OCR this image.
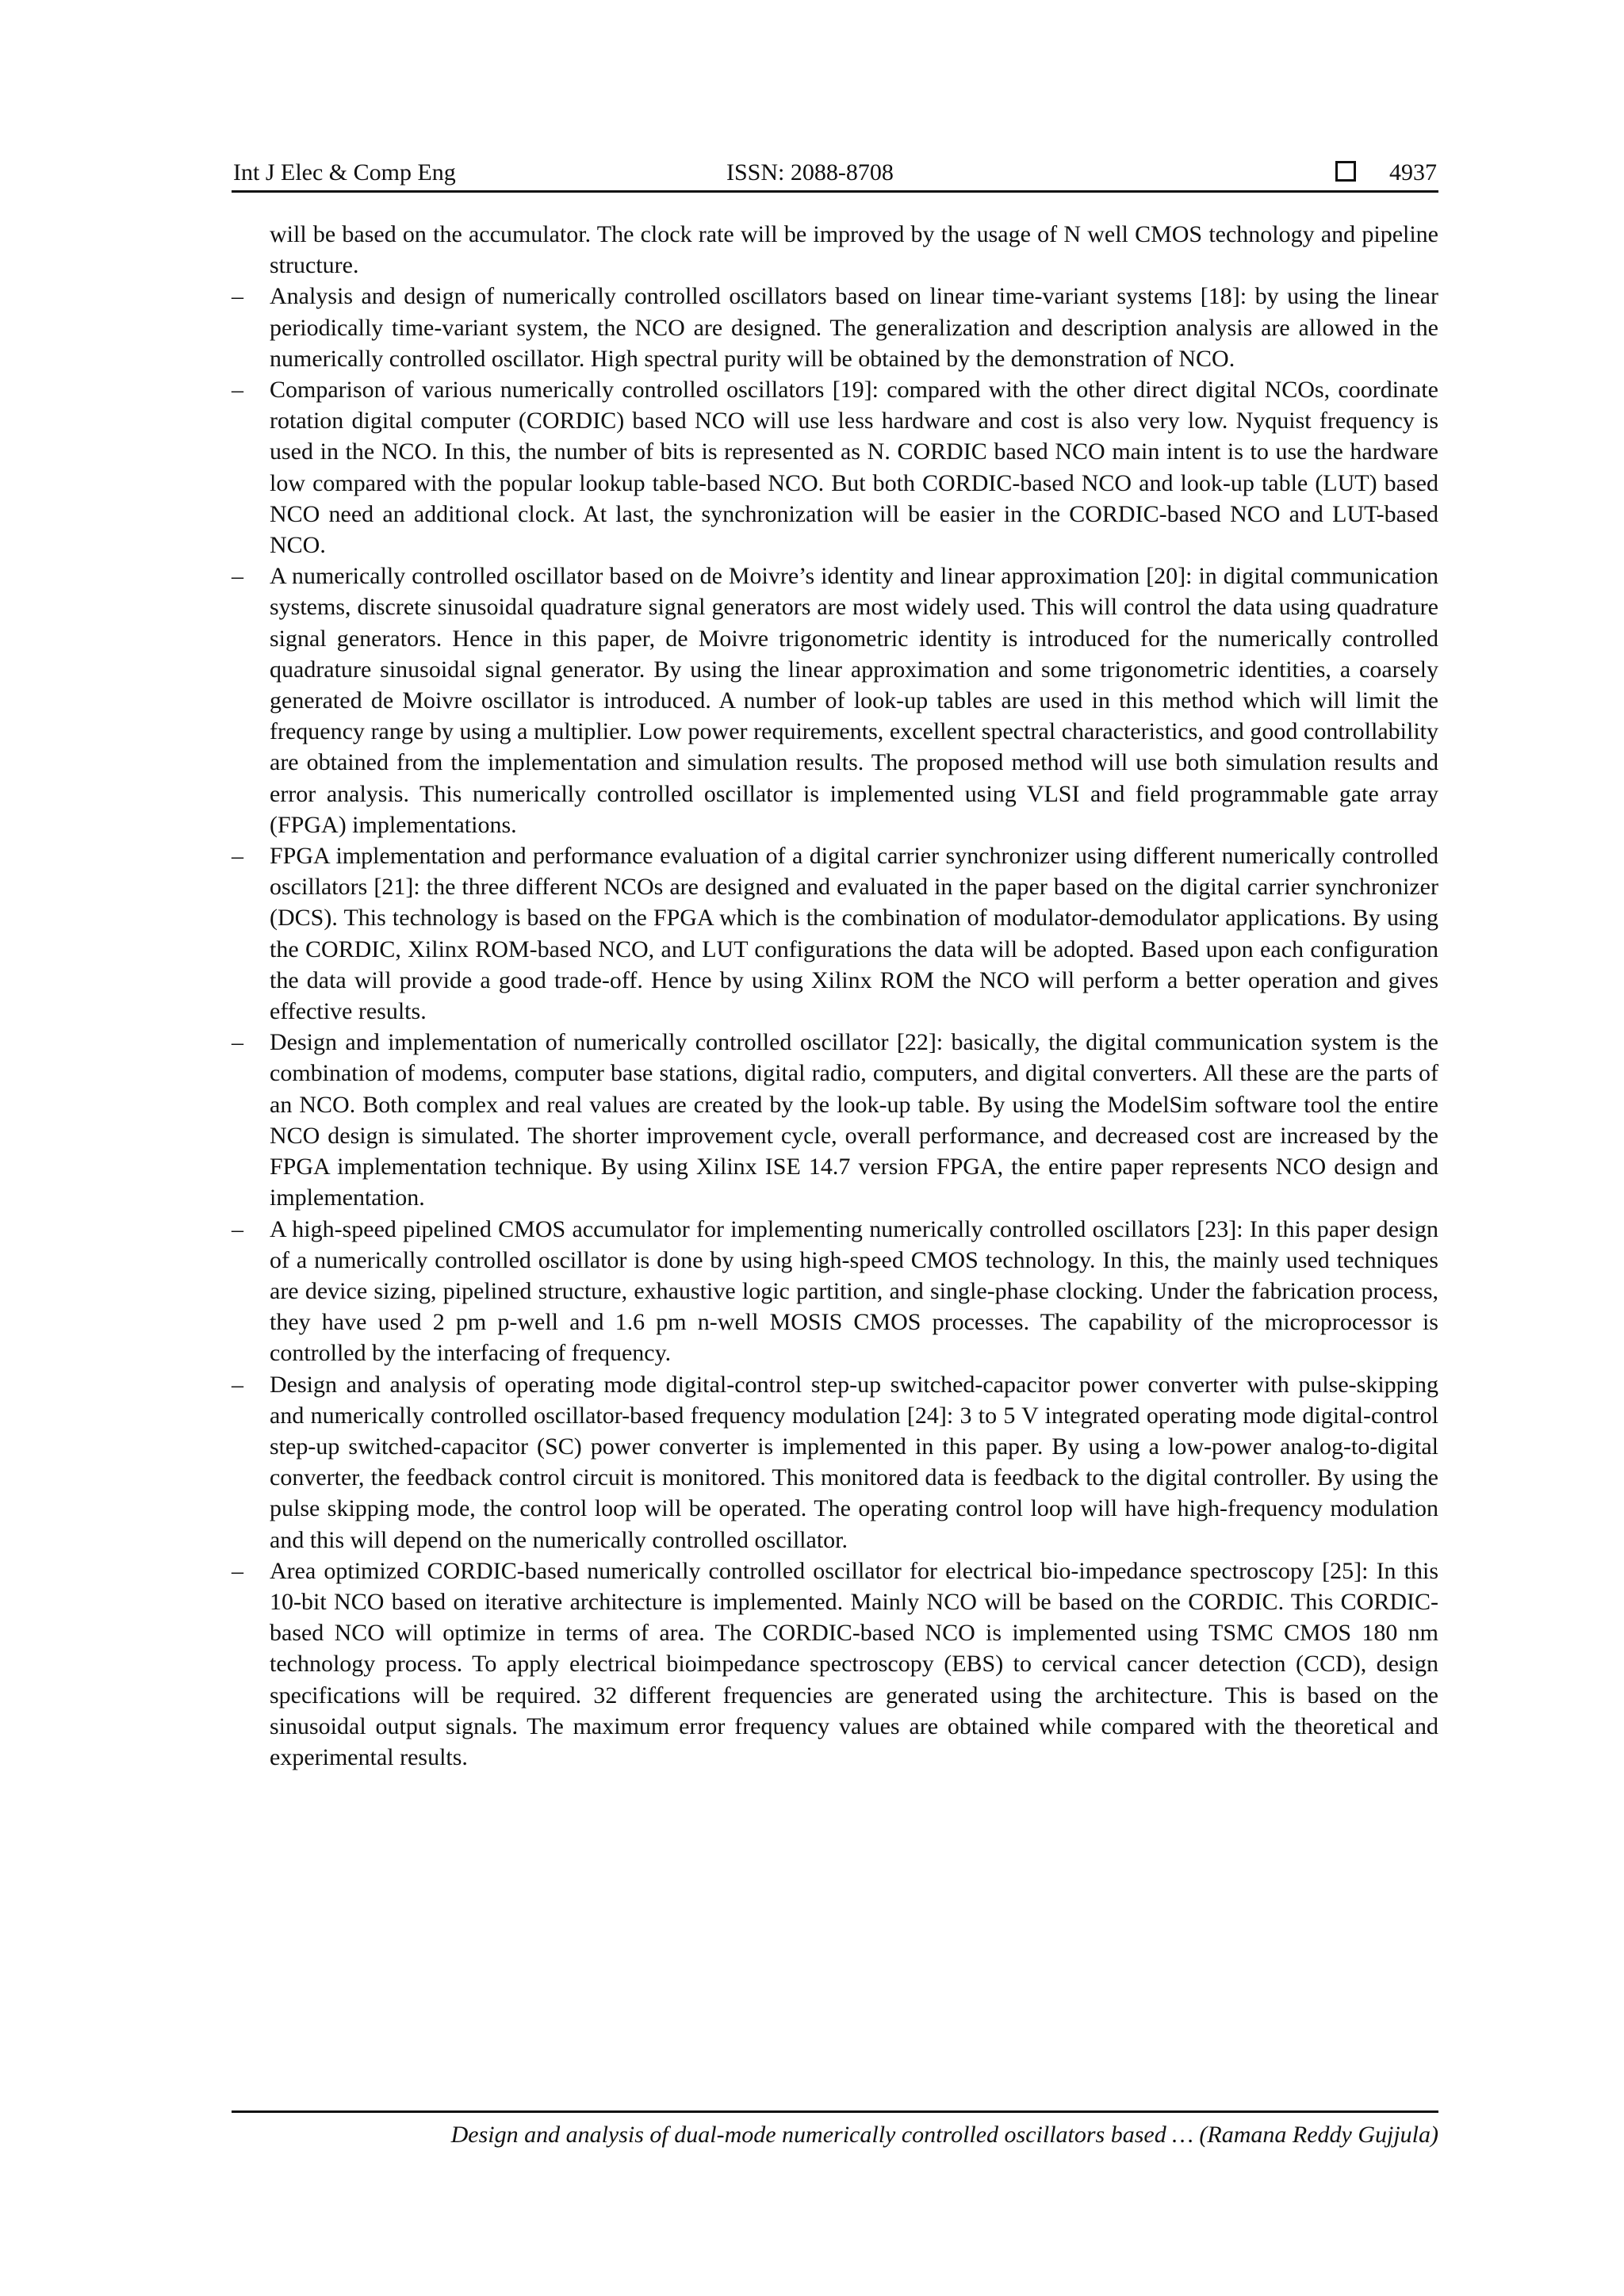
Int J Elec & Comp Eng	ISSN: 2088-8708	4937

will be based on the accumulator. The clock rate will be improved by the usage of N well CMOS technology and pipeline structure.

– Analysis and design of numerically controlled oscillators based on linear time-variant systems [18]: by using the linear periodically time-variant system, the NCO are designed. The generalization and description analysis are allowed in the numerically controlled oscillator. High spectral purity will be obtained by the demonstration of NCO.
– Comparison of various numerically controlled oscillators [19]: compared with the other direct digital NCOs, coordinate rotation digital computer (CORDIC) based NCO will use less hardware and cost is also very low. Nyquist frequency is used in the NCO. In this, the number of bits is represented as N. CORDIC based NCO main intent is to use the hardware low compared with the popular lookup table-based NCO. But both CORDIC-based NCO and look-up table (LUT) based NCO need an additional clock. At last, the synchronization will be easier in the CORDIC-based NCO and LUT-based NCO.
– A numerically controlled oscillator based on de Moivre’s identity and linear approximation [20]: in digital communication systems, discrete sinusoidal quadrature signal generators are most widely used. This will control the data using quadrature signal generators. Hence in this paper, de Moivre trigonometric identity is introduced for the numerically controlled quadrature sinusoidal signal generator. By using the linear approximation and some trigonometric identities, a coarsely generated de Moivre oscillator is introduced. A number of look-up tables are used in this method which will limit the frequency range by using a multiplier. Low power requirements, excellent spectral characteristics, and good controllability are obtained from the implementation and simulation results. The proposed method will use both simulation results and error analysis. This numerically controlled oscillator is implemented using VLSI and field programmable gate array (FPGA) implementations.
– FPGA implementation and performance evaluation of a digital carrier synchronizer using different numerically controlled oscillators [21]: the three different NCOs are designed and evaluated in the paper based on the digital carrier synchronizer (DCS). This technology is based on the FPGA which is the combination of modulator-demodulator applications. By using the CORDIC, Xilinx ROM-based NCO, and LUT configurations the data will be adopted. Based upon each configuration the data will provide a good trade-off. Hence by using Xilinx ROM the NCO will perform a better operation and gives effective results.
– Design and implementation of numerically controlled oscillator [22]: basically, the digital communication system is the combination of modems, computer base stations, digital radio, computers, and digital converters. All these are the parts of an NCO. Both complex and real values are created by the look-up table. By using the ModelSim software tool the entire NCO design is simulated. The shorter improvement cycle, overall performance, and decreased cost are increased by the FPGA implementation technique. By using Xilinx ISE 14.7 version FPGA, the entire paper represents NCO design and implementation.
– A high-speed pipelined CMOS accumulator for implementing numerically controlled oscillators [23]: In this paper design of a numerically controlled oscillator is done by using high-speed CMOS technology. In this, the mainly used techniques are device sizing, pipelined structure, exhaustive logic partition, and single-phase clocking. Under the fabrication process, they have used 2 pm p-well and 1.6 pm n-well MOSIS CMOS processes. The capability of the microprocessor is controlled by the interfacing of frequency.
– Design and analysis of operating mode digital-control step-up switched-capacitor power converter with pulse-skipping and numerically controlled oscillator-based frequency modulation [24]: 3 to 5 V integrated operating mode digital-control step-up switched-capacitor (SC) power converter is implemented in this paper. By using a low-power analog-to-digital converter, the feedback control circuit is monitored. This monitored data is feedback to the digital controller. By using the pulse skipping mode, the control loop will be operated. The operating control loop will have high-frequency modulation and this will depend on the numerically controlled oscillator.
– Area optimized CORDIC-based numerically controlled oscillator for electrical bio-impedance spectroscopy [25]: In this 10-bit NCO based on iterative architecture is implemented. Mainly NCO will be based on the CORDIC. This CORDIC-based NCO will optimize in terms of area. The CORDIC-based NCO is implemented using TSMC CMOS 180 nm technology process. To apply electrical bioimpedance spectroscopy (EBS) to cervical cancer detection (CCD), design specifications will be required. 32 different frequencies are generated using the architecture. This is based on the sinusoidal output signals. The maximum error frequency values are obtained while compared with the theoretical and experimental results.
Design and analysis of dual-mode numerically controlled oscillators based … (Ramana Reddy Gujjula)
